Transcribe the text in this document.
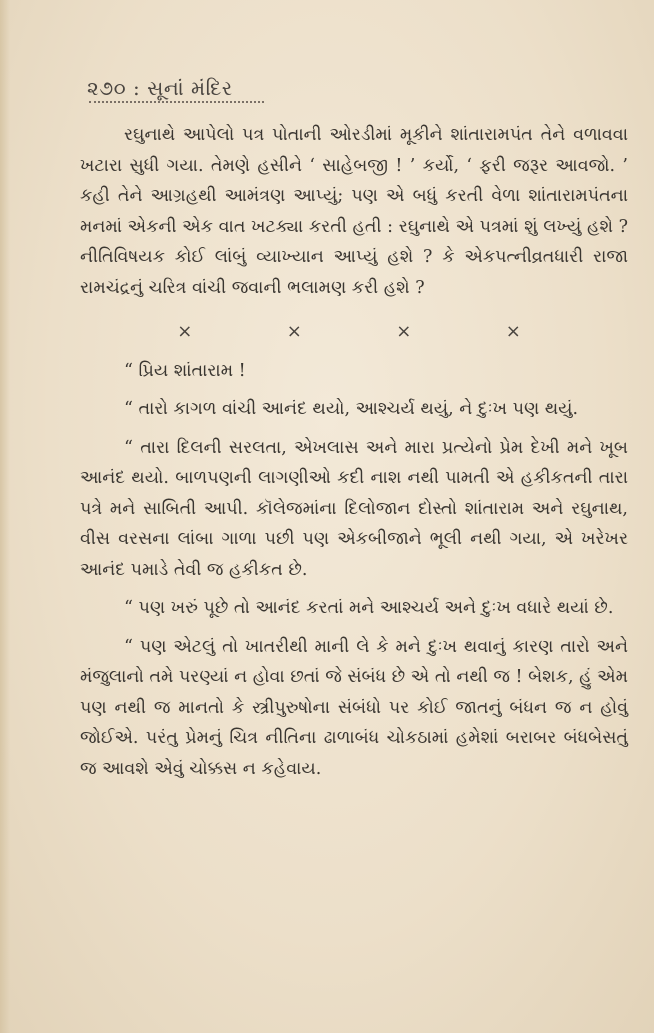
૨૭૦ : સૂનાં મંદિર

રઘુનાથે આપેલો પત્ર પોતાની ઓરડીમાં મૂકીને શાંતારામપંત તેને વળાવવા ખટારા સુધી ગયા. તેમણે હસીને ‘ સાહેબજી ! ’ કર્યો, ‘ ફરી જરૂર આવજો. ’ કહી તેને આગ્રહથી આમંત્રણ આપ્યું; પણ એ બધું કરતી વેળા શાંતારામપંતના મનમાં એકની એક વાત ખટક્યા કરતી હતી : રઘુનાથે એ પત્રમાં શું લખ્યું હશે ? નીતિવિષયક કોઈ લાંબું વ્યાખ્યાન આપ્યું હશે ? કે એકપત્નીવ્રતધારી રાજા રામચંદ્રનું ચરિત્ર વાંચી જવાની ભલામણ કરી હશે ?

×	×	×	×

“ પ્રિય શાંતારામ !

“ તારો કાગળ વાંચી આનંદ થયો, આશ્ચર્ય થયું, ને દુઃખ પણ થયું.

“ તારા દિલની સરલતા, એખલાસ અને મારા પ્રત્યેનો પ્રેમ દેખી મને ખૂબ આનંદ થયો. બાળપણની લાગણીઓ કદી નાશ નથી પામતી એ હકીકતની તારા પત્રે મને સાબિતી આપી. કૉલેજમાંના દિલોજાન દોસ્તો શાંતારામ અને રઘુનાથ, વીસ વરસના લાંબા ગાળા પછી પણ એકબીજાને ભૂલી નથી ગયા, એ ખરેખર આનંદ પમાડે તેવી જ હકીકત છે.

“ પણ ખરું પૂછે તો આનંદ કરતાં મને આશ્ચર્ય અને દુઃખ વધારે થયાં છે.

“ પણ એટલું તો ખાતરીથી માની લે કે મને દુઃખ થવાનું કારણ તારો અને મંજુલાનો તમે પરણ્યાં ન હોવા છતાં જે સંબંધ છે એ તો નથી જ ! બેશક, હું એમ પણ નથી જ માનતો કે સ્ત્રીપુરુષોના સંબંધો પર કોઈ જાતનું બંધન જ ન હોવું જોઈએ. પરંતુ પ્રેમનું ચિત્ર નીતિના ઢાળાબંધ ચોકઠામાં હમેશાં બરાબર બંધબેસતું જ આવશે એવું ચોક્કસ ન કહેવાય.
